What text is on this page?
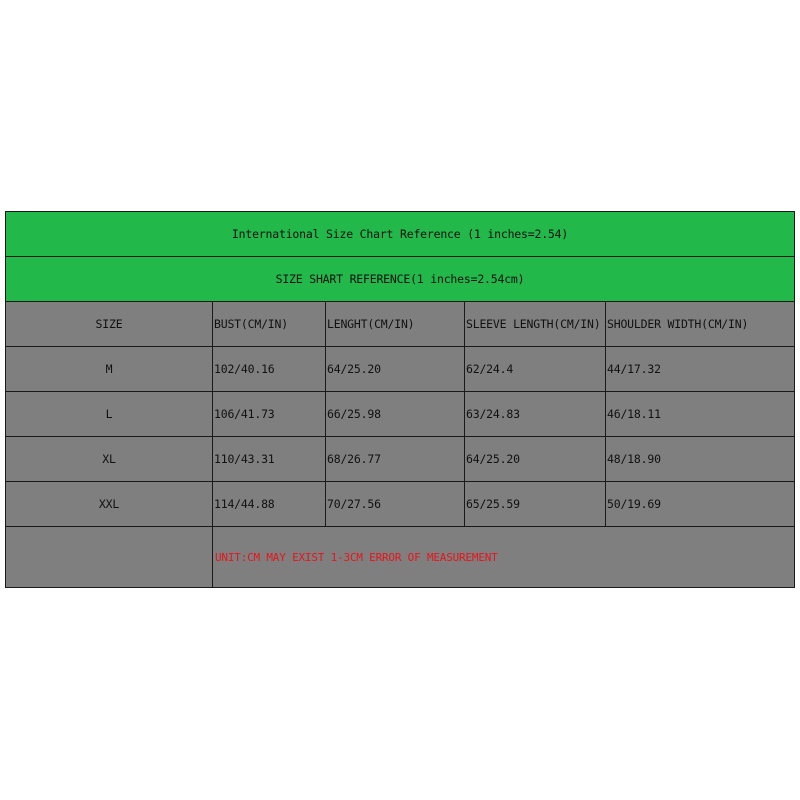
International Size Chart Reference (1 inches=2.54)				
SIZE SHART REFERENCE(1 inches=2.54cm)				
SIZE	BUST(CM/IN)	LENGHT(CM/IN)	SLEEVE LENGTH(CM/IN)	SHOULDER WIDTH(CM/IN)
M	102/40.16	64/25.20	62/24.4	44/17.32
L	106/41.73	66/25.98	63/24.83	46/18.11
XL	110/43.31	68/26.77	64/25.20	48/18.90
XXL	114/44.88	70/27.56	65/25.59	50/19.69
	UNIT:CM MAY EXIST 1-3CM ERROR OF MEASUREMENT			
